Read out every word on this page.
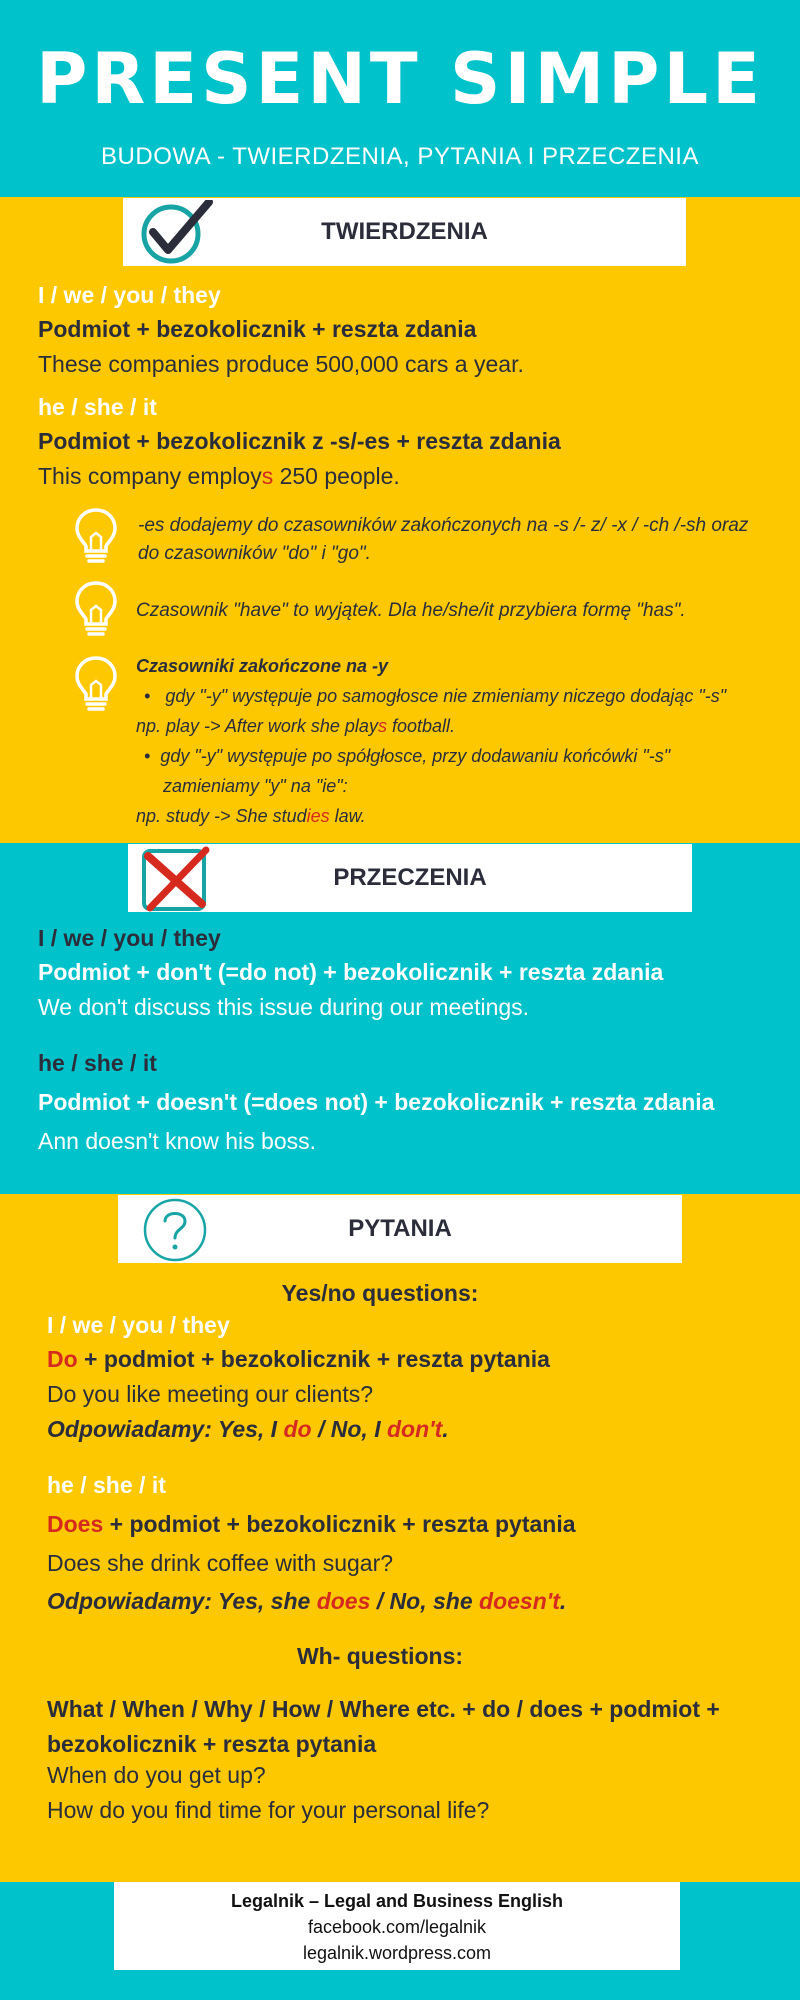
PRESENT SIMPLE
BUDOWA - TWIERDZENIA, PYTANIA I PRZECZENIA
TWIERDZENIA
I / we / you / they
Podmiot + bezokolicznik + reszta zdania
These companies produce 500,000 cars a year.
he / she / it
Podmiot + bezokolicznik z -s/-es + reszta zdania
This company employs 250 people.
-es dodajemy do czasowników zakończonych na -s /- z/ -x / -ch /-sh oraz
do czasowników "do" i "go".
Czasownik "have" to wyjątek. Dla he/she/it przybiera formę "has".
Czasowniki zakończone na -y
•   gdy "-y" występuje po samogłosce nie zmieniamy niczego dodając "-s"
np. play -> After work she plays football.
•  gdy "-y" występuje po spółgłosce, przy dodawaniu końcówki "-s"
zamieniamy "y" na "ie":
np. study -> She studies law.
PRZECZENIA
I / we / you / they
Podmiot + don't (=do not) + bezokolicznik + reszta zdania
We don't discuss this issue during our meetings.
he / she / it
Podmiot + doesn't (=does not) + bezokolicznik + reszta zdania
Ann doesn't know his boss.
PYTANIA
Yes/no questions:
I / we / you / they
Do + podmiot + bezokolicznik + reszta pytania
Do you like meeting our clients?
Odpowiadamy: Yes, I do / No, I don't.
he / she / it
Does + podmiot + bezokolicznik + reszta pytania
Does she drink coffee with sugar?
Odpowiadamy: Yes, she does / No, she doesn't.
Wh- questions:
What / When / Why / How / Where etc. + do / does + podmiot +
bezokolicznik + reszta pytania
When do you get up?
How do you find time for your personal life?
Legalnik – Legal and Business English
facebook.com/legalnik
legalnik.wordpress.com
